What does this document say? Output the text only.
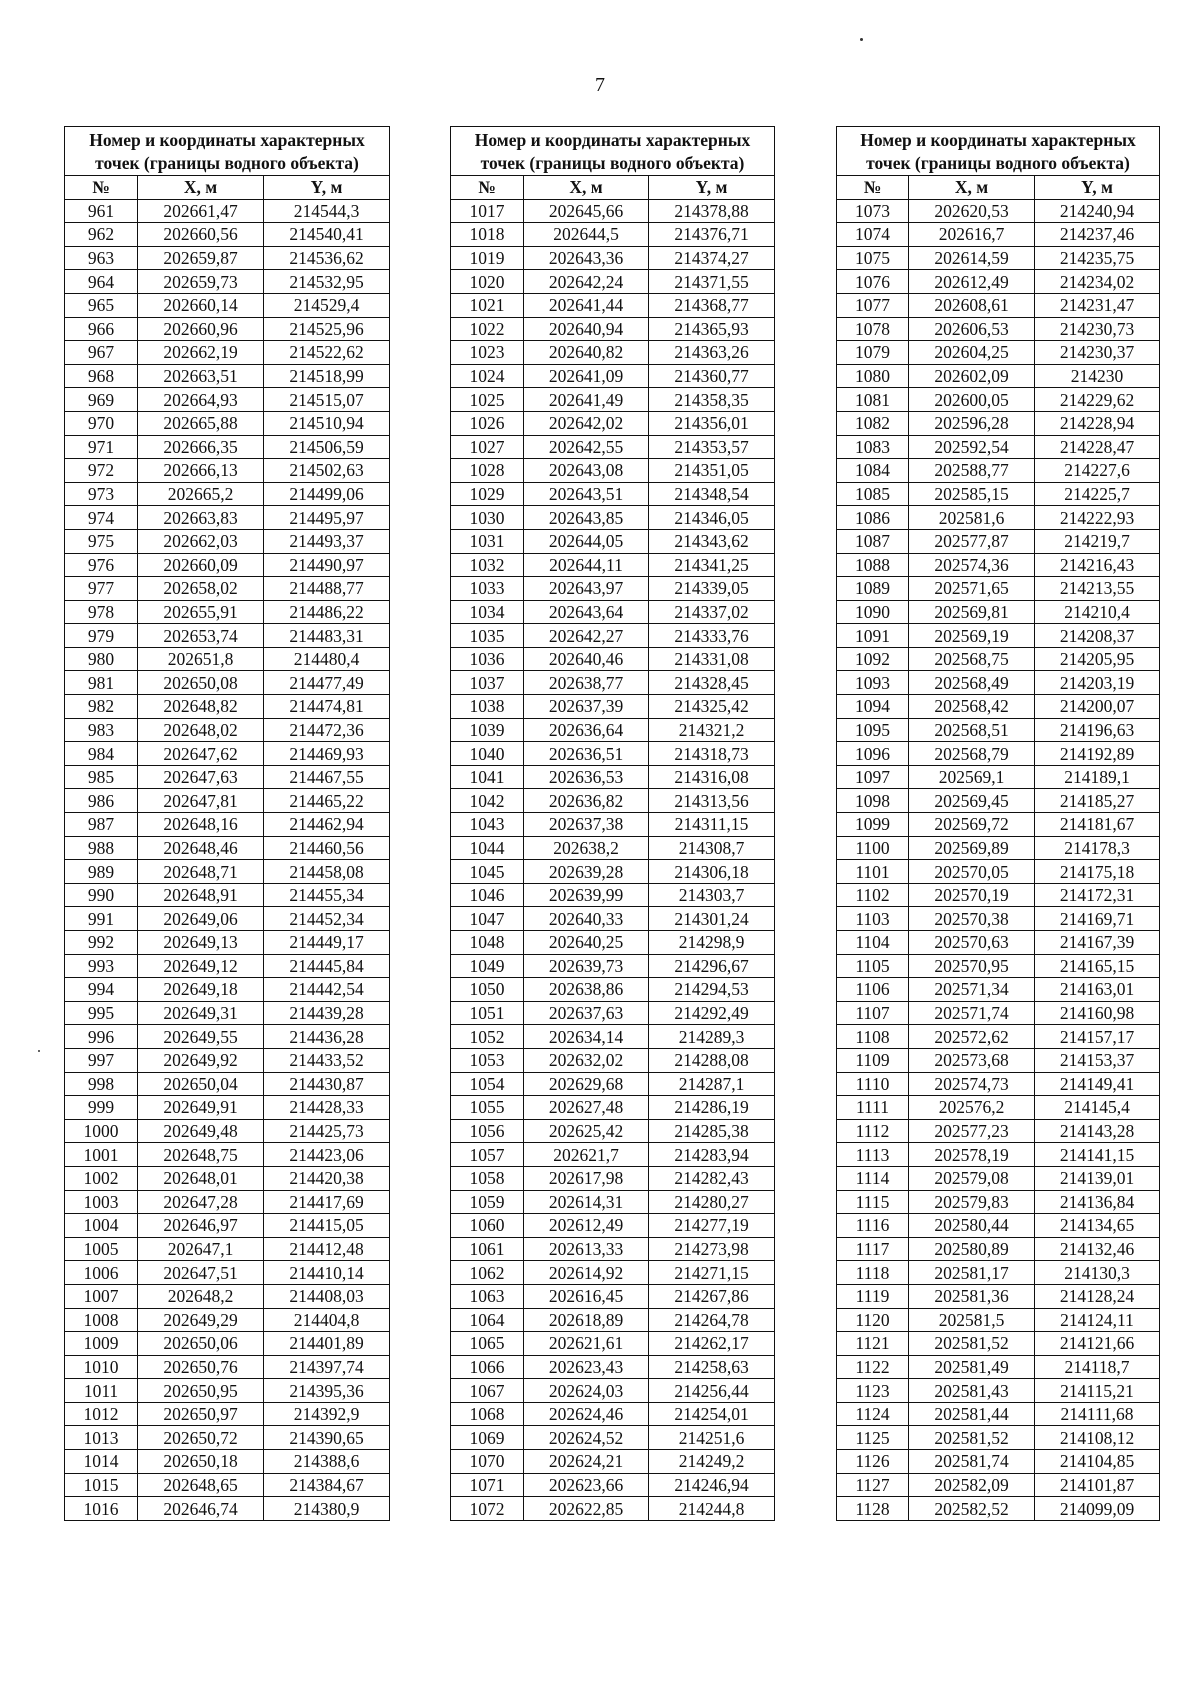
7
Номер и координаты характерных точек (границы водного объекта)		
№	X, м	Y, м
961	202661,47	214544,3
962	202660,56	214540,41
963	202659,87	214536,62
964	202659,73	214532,95
965	202660,14	214529,4
966	202660,96	214525,96
967	202662,19	214522,62
968	202663,51	214518,99
969	202664,93	214515,07
970	202665,88	214510,94
971	202666,35	214506,59
972	202666,13	214502,63
973	202665,2	214499,06
974	202663,83	214495,97
975	202662,03	214493,37
976	202660,09	214490,97
977	202658,02	214488,77
978	202655,91	214486,22
979	202653,74	214483,31
980	202651,8	214480,4
981	202650,08	214477,49
982	202648,82	214474,81
983	202648,02	214472,36
984	202647,62	214469,93
985	202647,63	214467,55
986	202647,81	214465,22
987	202648,16	214462,94
988	202648,46	214460,56
989	202648,71	214458,08
990	202648,91	214455,34
991	202649,06	214452,34
992	202649,13	214449,17
993	202649,12	214445,84
994	202649,18	214442,54
995	202649,31	214439,28
996	202649,55	214436,28
997	202649,92	214433,52
998	202650,04	214430,87
999	202649,91	214428,33
1000	202649,48	214425,73
1001	202648,75	214423,06
1002	202648,01	214420,38
1003	202647,28	214417,69
1004	202646,97	214415,05
1005	202647,1	214412,48
1006	202647,51	214410,14
1007	202648,2	214408,03
1008	202649,29	214404,8
1009	202650,06	214401,89
1010	202650,76	214397,74
1011	202650,95	214395,36
1012	202650,97	214392,9
1013	202650,72	214390,65
1014	202650,18	214388,6
1015	202648,65	214384,67
1016	202646,74	214380,9
Номер и координаты характерных точек (границы водного объекта)		
№	X, м	Y, м
1017	202645,66	214378,88
1018	202644,5	214376,71
1019	202643,36	214374,27
1020	202642,24	214371,55
1021	202641,44	214368,77
1022	202640,94	214365,93
1023	202640,82	214363,26
1024	202641,09	214360,77
1025	202641,49	214358,35
1026	202642,02	214356,01
1027	202642,55	214353,57
1028	202643,08	214351,05
1029	202643,51	214348,54
1030	202643,85	214346,05
1031	202644,05	214343,62
1032	202644,11	214341,25
1033	202643,97	214339,05
1034	202643,64	214337,02
1035	202642,27	214333,76
1036	202640,46	214331,08
1037	202638,77	214328,45
1038	202637,39	214325,42
1039	202636,64	214321,2
1040	202636,51	214318,73
1041	202636,53	214316,08
1042	202636,82	214313,56
1043	202637,38	214311,15
1044	202638,2	214308,7
1045	202639,28	214306,18
1046	202639,99	214303,7
1047	202640,33	214301,24
1048	202640,25	214298,9
1049	202639,73	214296,67
1050	202638,86	214294,53
1051	202637,63	214292,49
1052	202634,14	214289,3
1053	202632,02	214288,08
1054	202629,68	214287,1
1055	202627,48	214286,19
1056	202625,42	214285,38
1057	202621,7	214283,94
1058	202617,98	214282,43
1059	202614,31	214280,27
1060	202612,49	214277,19
1061	202613,33	214273,98
1062	202614,92	214271,15
1063	202616,45	214267,86
1064	202618,89	214264,78
1065	202621,61	214262,17
1066	202623,43	214258,63
1067	202624,03	214256,44
1068	202624,46	214254,01
1069	202624,52	214251,6
1070	202624,21	214249,2
1071	202623,66	214246,94
1072	202622,85	214244,8
Номер и координаты характерных точек (границы водного объекта)		
№	X, м	Y, м
1073	202620,53	214240,94
1074	202616,7	214237,46
1075	202614,59	214235,75
1076	202612,49	214234,02
1077	202608,61	214231,47
1078	202606,53	214230,73
1079	202604,25	214230,37
1080	202602,09	214230
1081	202600,05	214229,62
1082	202596,28	214228,94
1083	202592,54	214228,47
1084	202588,77	214227,6
1085	202585,15	214225,7
1086	202581,6	214222,93
1087	202577,87	214219,7
1088	202574,36	214216,43
1089	202571,65	214213,55
1090	202569,81	214210,4
1091	202569,19	214208,37
1092	202568,75	214205,95
1093	202568,49	214203,19
1094	202568,42	214200,07
1095	202568,51	214196,63
1096	202568,79	214192,89
1097	202569,1	214189,1
1098	202569,45	214185,27
1099	202569,72	214181,67
1100	202569,89	214178,3
1101	202570,05	214175,18
1102	202570,19	214172,31
1103	202570,38	214169,71
1104	202570,63	214167,39
1105	202570,95	214165,15
1106	202571,34	214163,01
1107	202571,74	214160,98
1108	202572,62	214157,17
1109	202573,68	214153,37
1110	202574,73	214149,41
1111	202576,2	214145,4
1112	202577,23	214143,28
1113	202578,19	214141,15
1114	202579,08	214139,01
1115	202579,83	214136,84
1116	202580,44	214134,65
1117	202580,89	214132,46
1118	202581,17	214130,3
1119	202581,36	214128,24
1120	202581,5	214124,11
1121	202581,52	214121,66
1122	202581,49	214118,7
1123	202581,43	214115,21
1124	202581,44	214111,68
1125	202581,52	214108,12
1126	202581,74	214104,85
1127	202582,09	214101,87
1128	202582,52	214099,09
